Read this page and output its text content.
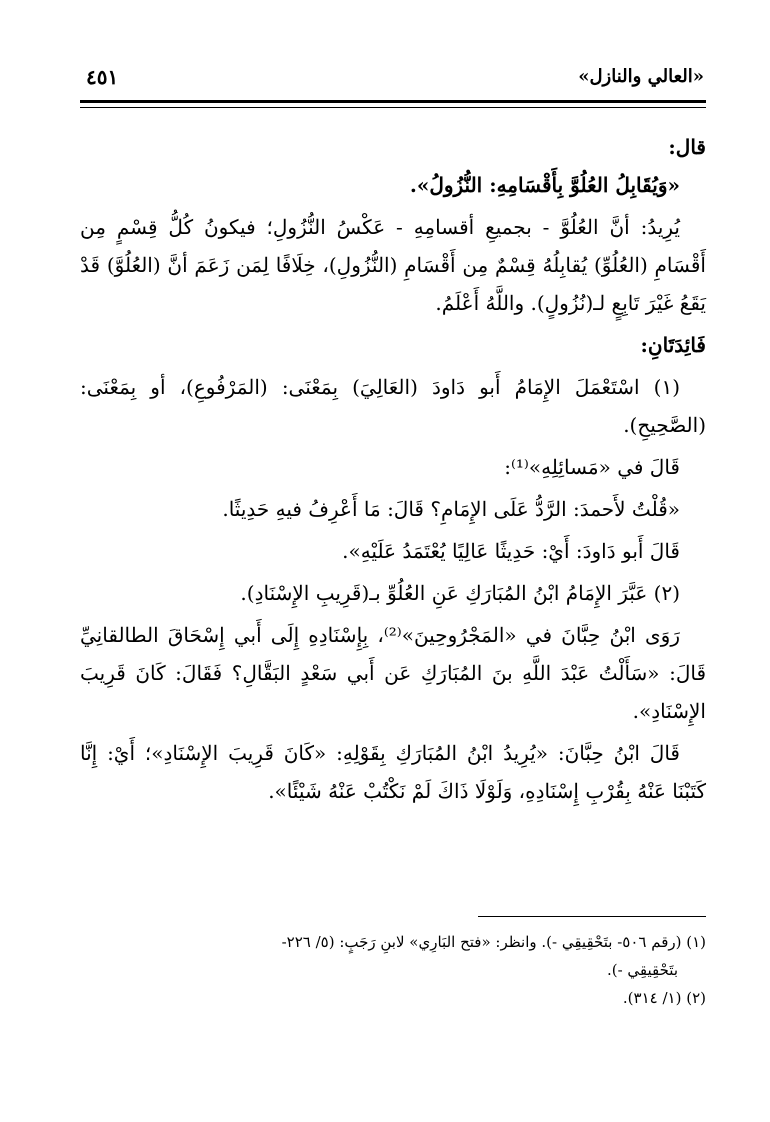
«العالي والنازل»
٤٥١

قال:

«وَيُقَابِلُ العُلُوَّ بِأَقْسَامِهِ: النُّزُولُ».

يُرِيدُ: أنَّ العُلُوَّ - بجميعِ أقسامِهِ - عَكْسُ النُّزُولِ؛ فيكونُ كُلُّ قِسْمٍ مِن أَقْسَامِ (العُلُوِّ) يُقابِلُهُ قِسْمٌ مِن أَقْسَامِ (النُّزُولِ)، خِلَافًا لِمَن زَعَمَ أنَّ (العُلُوَّ) قَدْ يَقَعُ غَيْرَ تَابِعٍ لـ(نُزُولٍ). واللَّهُ أَعْلَمُ.

فَائِدَتَانِ:

(١) اسْتَعْمَلَ الإِمَامُ أَبو دَاودَ (العَالِيَ) بِمَعْنَى: (المَرْفُوعِ)، أو بِمَعْنَى: (الصَّحِيحِ).

قَالَ في «مَسائِلِهِ»⁽¹⁾:

«قُلْتُ لأَحمدَ: الرَّدُّ عَلَى الإِمَامِ؟ قَالَ: مَا أَعْرِفُ فيهِ حَدِيثًا.

قَالَ أَبو دَاودَ: أَيْ: حَدِيثًا عَالِيًا يُعْتَمَدُ عَلَيْهِ».

(٢) عَبَّرَ الإِمَامُ ابْنُ المُبَارَكِ عَنِ العُلُوِّ بـ(قَرِيبِ الإِسْنَادِ).

رَوَى ابْنُ حِبَّانَ في «المَجْرُوحِينَ»⁽²⁾، بِإِسْنَادِهِ إِلَى أَبي إِسْحَاقَ الطالقانِيِّ قَالَ: «سَأَلْتُ عَبْدَ اللَّهِ بنَ المُبَارَكِ عَن أَبي سَعْدٍ البَقَّالِ؟ فَقَالَ: كَانَ قَرِيبَ الإِسْنَادِ».

قَالَ ابْنُ حِبَّانَ: «يُرِيدُ ابْنُ المُبَارَكِ بِقَوْلِهِ: «كَانَ قَرِيبَ الإِسْنَادِ»؛ أَيْ: إِنَّا كَتَبْنَا عَنْهُ بِقُرْبِ إِسْنَادِهِ، وَلَوْلَا ذَاكَ لَمْ نَكْتُبْ عَنْهُ شَيْئًا».

(١) (رقم ٥٠٦- بتَحْقِيقِي -). وانظر: «فتح البَارِي» لابنِ رَجَبٍ: (٥/ ٢٢٦-

بتَحْقِيقِي -).

(٢) (١/ ٣١٤).
